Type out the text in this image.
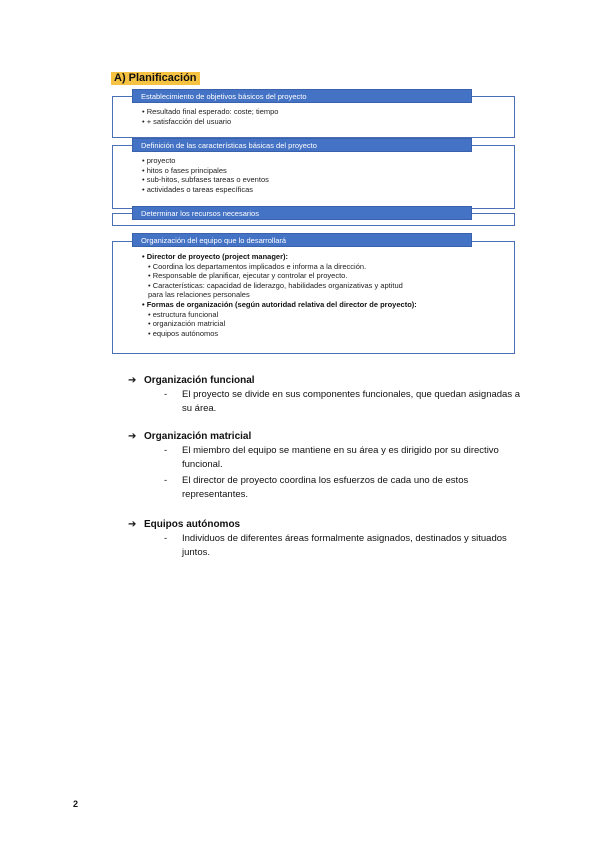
A) Planificación
Establecimiento de objetivos básicos del proyecto
• Resultado final esperado: coste; tiempo
• + satisfacción del usuario
Definición de las características básicas del proyecto
• proyecto
• hitos o fases principales
• sub-hitos, subfases tareas o eventos
• actividades o tareas específicas
Determinar los recursos necesarios
Organización del equipo que lo desarrollará
• Director de proyecto (project manager):
• Coordina los departamentos implicados e informa a la dirección.
• Responsable de planificar, ejecutar y controlar el proyecto.
• Características: capacidad de liderazgo, habilidades organizativas y aptitud
para las relaciones personales
• Formas de organización (según autoridad relativa del director de proyecto):
• estructura funcional
• organización matricial
• equipos autónomos
➔ Organización funcional
- El proyecto se divide en sus componentes funcionales, que quedan asignadas a su área.
➔ Organización matricial
- El miembro del equipo se mantiene en su área y es dirigido por su directivo funcional.
- El director de proyecto coordina los esfuerzos de cada uno de estos representantes.
➔ Equipos autónomos
- Individuos de diferentes áreas formalmente asignados, destinados y situados juntos.
2
